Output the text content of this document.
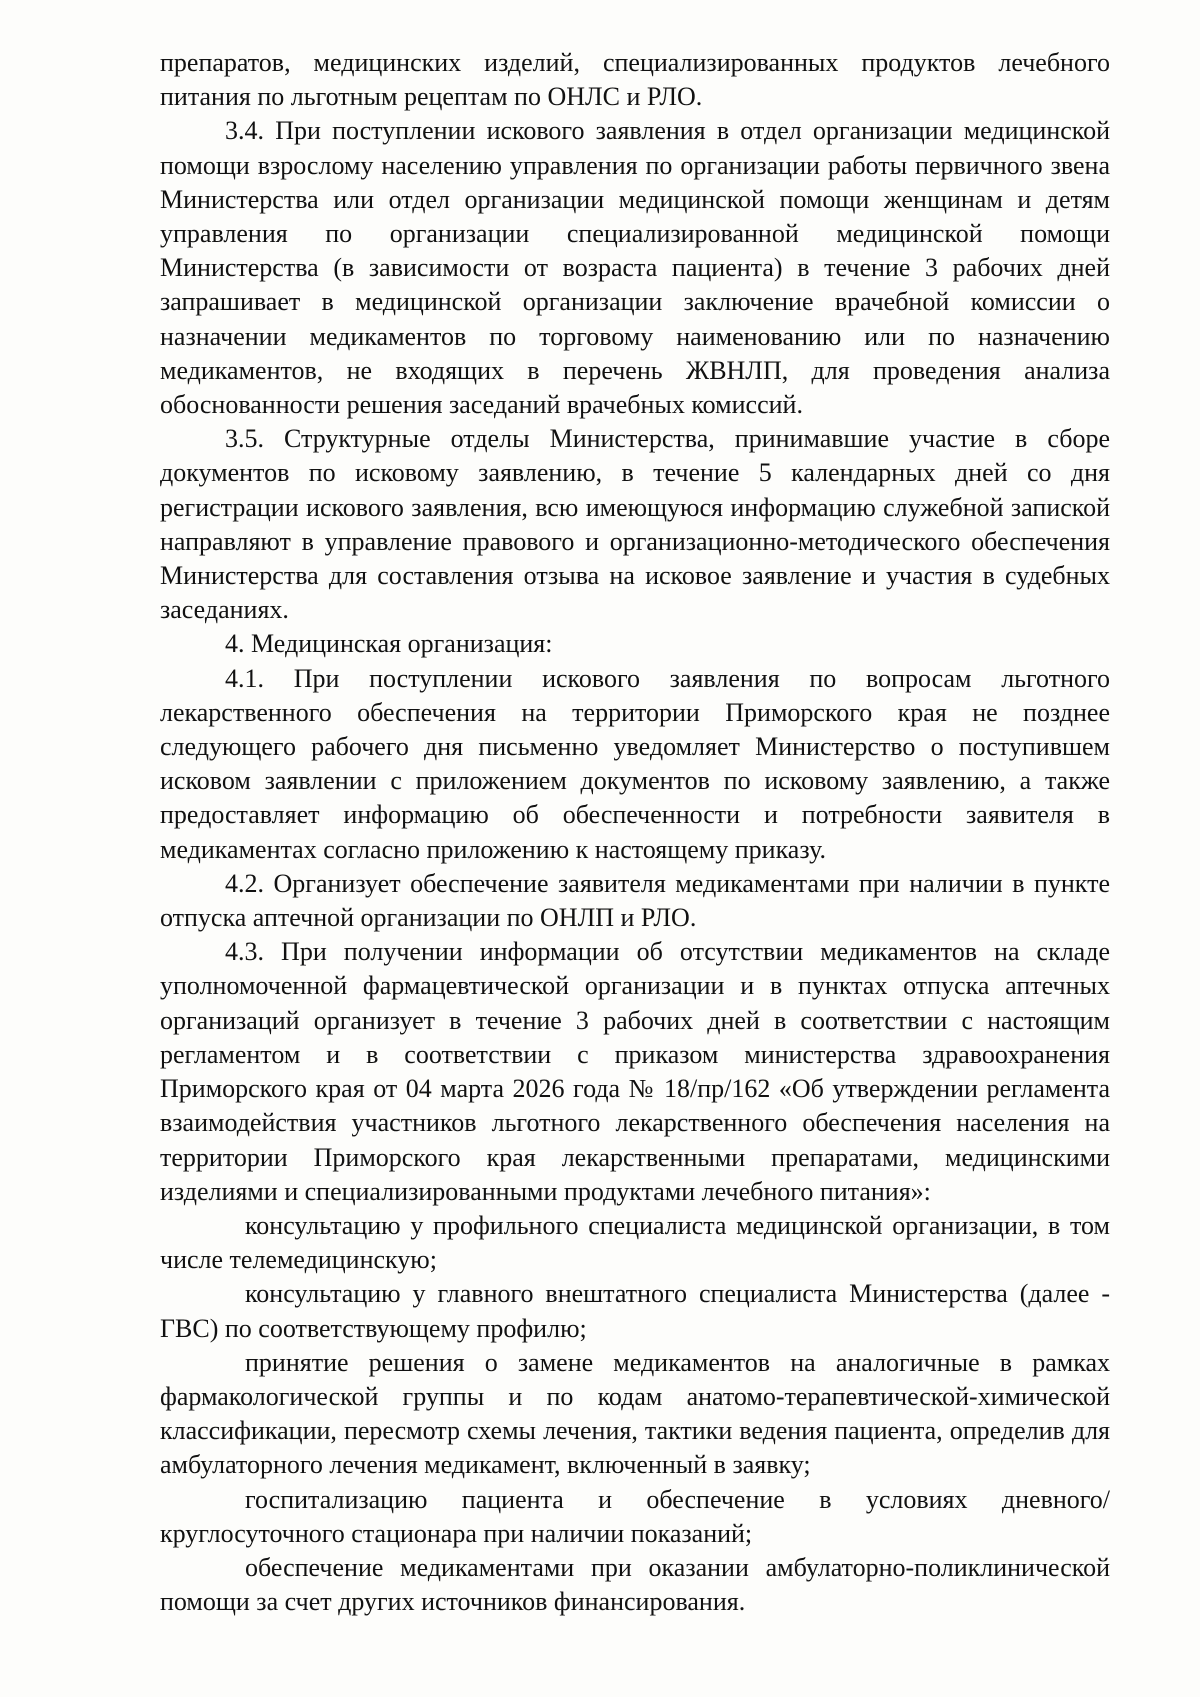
препаратов, медицинских изделий, специализированных продуктов лечебного питания по льготным рецептам по ОНЛС и РЛО.

3.4. При поступлении искового заявления в отдел организации медицинской помощи взрослому населению управления по организации работы первичного звена Министерства или отдел организации медицинской помощи женщинам и детям управления по организации специализированной медицинской помощи Министерства (в зависимости от возраста пациента) в течение 3 рабочих дней запрашивает в медицинской организации заключение врачебной комиссии о назначении медикаментов по торговому наименованию или по назначению медикаментов, не входящих в перечень ЖВНЛП, для проведения анализа обоснованности решения заседаний врачебных комиссий.

3.5. Структурные отделы Министерства, принимавшие участие в сборе документов по исковому заявлению, в течение 5 календарных дней со дня регистрации искового заявления, всю имеющуюся информацию служебной запиской направляют в управление правового и организационно-методического обеспечения Министерства для составления отзыва на исковое заявление и участия в судебных заседаниях.

4. Медицинская организация:

4.1. При поступлении искового заявления по вопросам льготного лекарственного обеспечения на территории Приморского края не позднее следующего рабочего дня письменно уведомляет Министерство о поступившем исковом заявлении с приложением документов по исковому заявлению, а также предоставляет информацию об обеспеченности и потребности заявителя в медикаментах согласно приложению к настоящему приказу.

4.2. Организует обеспечение заявителя медикаментами при наличии в пункте отпуска аптечной организации по ОНЛП и РЛО.

4.3. При получении информации об отсутствии медикаментов на складе уполномоченной фармацевтической организации и в пунктах отпуска аптечных организаций организует в течение 3 рабочих дней в соответствии с настоящим регламентом и в соответствии с приказом министерства здравоохранения Приморского края от 04 марта 2026 года № 18/пр/162 «Об утверждении регламента взаимодействия участников льготного лекарственного обеспечения населения на территории Приморского края лекарственными препаратами, медицинскими изделиями и специализированными продуктами лечебного питания»:

консультацию у профильного специалиста медицинской организации, в том числе телемедицинскую;

консультацию у главного внештатного специалиста Министерства (далее - ГВС) по соответствующему профилю;

принятие решения о замене медикаментов на аналогичные в рамках фармакологической группы и по кодам анатомо-терапевтической-химической классификации, пересмотр схемы лечения, тактики ведения пациента, определив для амбулаторного лечения медикамент, включенный в заявку;

госпитализацию пациента и обеспечение в условиях дневного/круглосуточного стационара при наличии показаний;

обеспечение медикаментами при оказании амбулаторно-поликлинической помощи за счет других источников финансирования.
